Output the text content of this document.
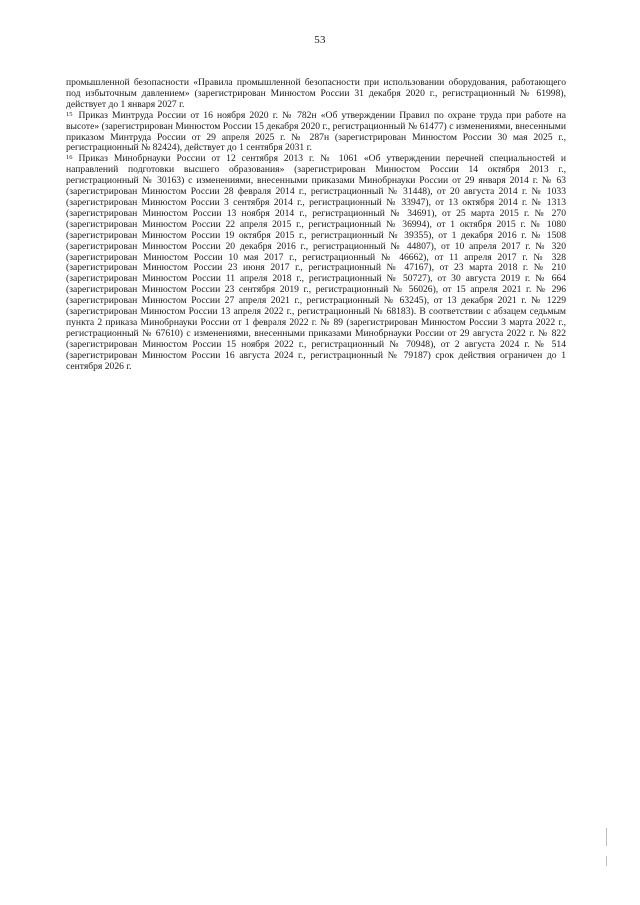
53

промышленной безопасности «Правила промышленной безопасности при использовании оборудования, работающего под избыточным давлением» (зарегистрирован Минюстом России 31 декабря 2020 г., регистрационный № 61998), действует до 1 января 2027 г.

$^{15}$ Приказ Минтруда России от 16 ноября 2020 г. № 782н «Об утверждении Правил по охране труда при работе на высоте» (зарегистрирован Минюстом России 15 декабря 2020 г., регистрационный № 61477) с изменениями, внесенными приказом Минтруда России от 29 апреля 2025 г. № 287н (зарегистрирован Минюстом России 30 мая 2025 г., регистрационный № 82424), действует до 1 сентября 2031 г.

$^{16}$ Приказ Минобрнауки России от 12 сентября 2013 г. № 1061 «Об утверждении перечней специальностей и направлений подготовки высшего образования» (зарегистрирован Минюстом России 14 октября 2013 г., регистрационный № 30163) с изменениями, внесенными приказами Минобрнауки России от 29 января 2014 г. № 63 (зарегистрирован Минюстом России 28 февраля 2014 г., регистрационный № 31448), от 20 августа 2014 г. № 1033 (зарегистрирован Минюстом России 3 сентября 2014 г., регистрационный № 33947), от 13 октября 2014 г. № 1313 (зарегистрирован Минюстом России 13 ноября 2014 г., регистрационный № 34691), от 25 марта 2015 г. № 270 (зарегистрирован Минюстом России 22 апреля 2015 г., регистрационный № 36994), от 1 октября 2015 г. № 1080 (зарегистрирован Минюстом России 19 октября 2015 г., регистрационный № 39355), от 1 декабря 2016 г. № 1508 (зарегистрирован Минюстом России 20 декабря 2016 г., регистрационный № 44807), от 10 апреля 2017 г. № 320 (зарегистрирован Минюстом России 10 мая 2017 г., регистрационный № 46662), от 11 апреля 2017 г. № 328 (зарегистрирован Минюстом России 23 июня 2017 г., регистрационный № 47167), от 23 марта 2018 г. № 210 (зарегистрирован Минюстом России 11 апреля 2018 г., регистрационный № 50727), от 30 августа 2019 г. № 664 (зарегистрирован Минюстом России 23 сентября 2019 г., регистрационный № 56026), от 15 апреля 2021 г. № 296 (зарегистрирован Минюстом России 27 апреля 2021 г., регистрационный № 63245), от 13 декабря 2021 г. № 1229 (зарегистрирован Минюстом России 13 апреля 2022 г., регистрационный № 68183). В соответствии с абзацем седьмым пункта 2 приказа Минобрнауки России от 1 февраля 2022 г. № 89 (зарегистрирован Минюстом России 3 марта 2022 г., регистрационный № 67610) с изменениями, внесенными приказами Минобрнауки России от 29 августа 2022 г. № 822 (зарегистрирован Минюстом России 15 ноября 2022 г., регистрационный № 70948), от 2 августа 2024 г. № 514 (зарегистрирован Минюстом России 16 августа 2024 г., регистрационный № 79187) срок действия ограничен до 1 сентября 2026 г.
